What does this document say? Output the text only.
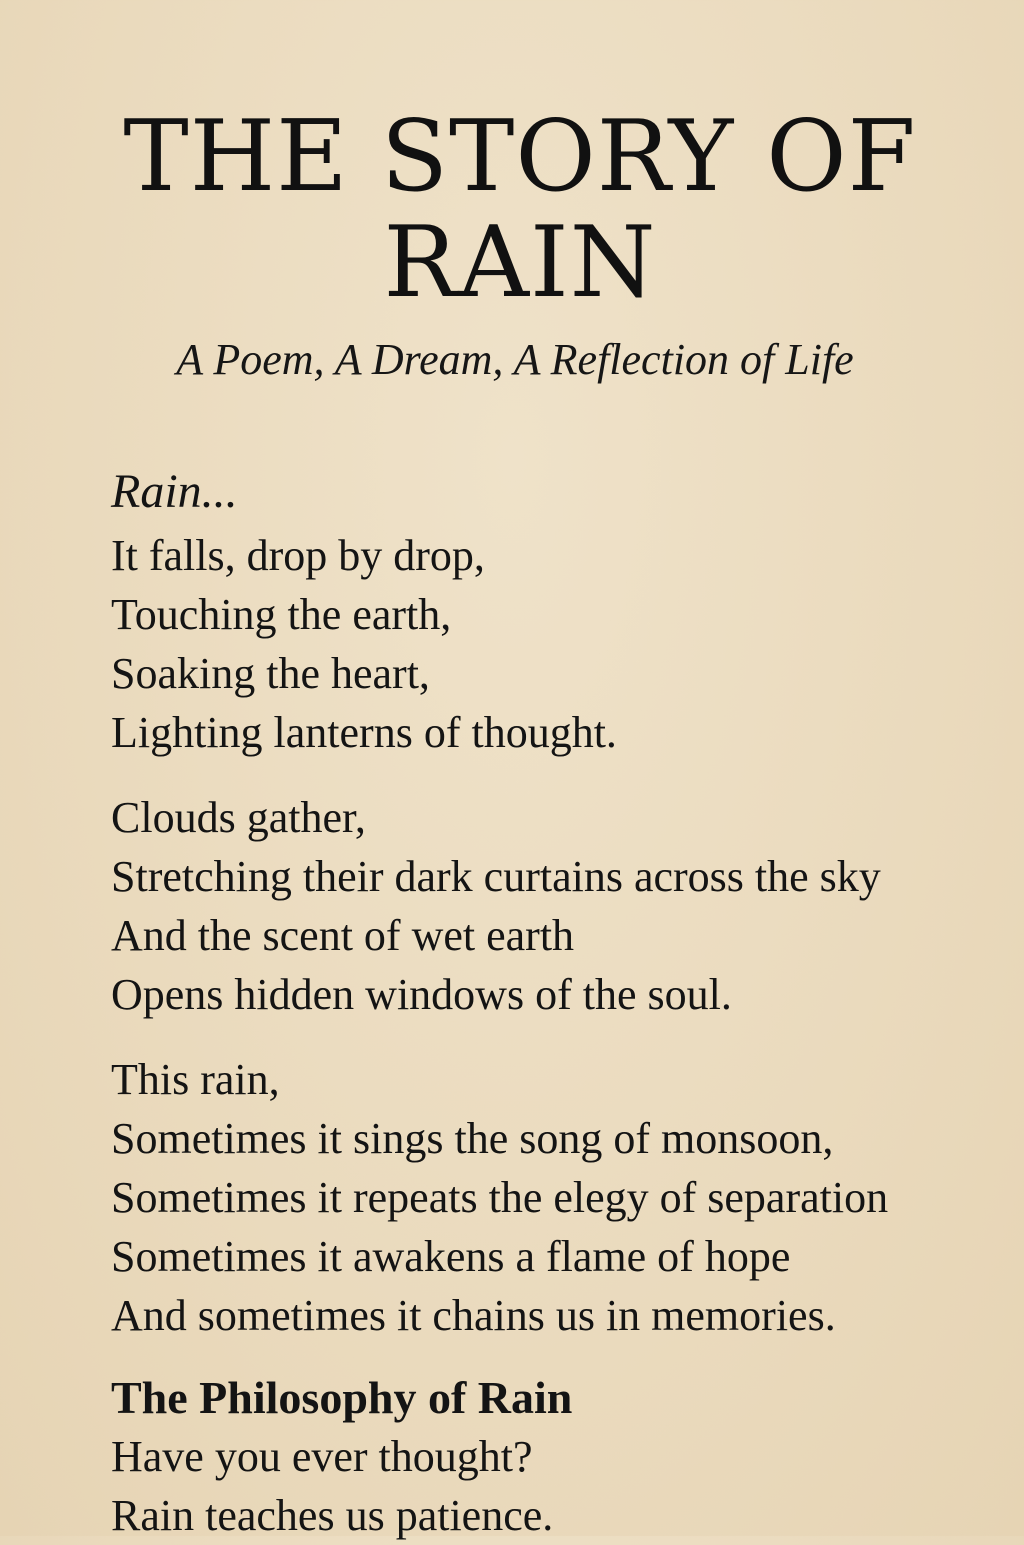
THE STORY OF
RAIN
A Poem, A Dream, A Reflection of Life
Rain...
It falls, drop by drop,
Touching the earth,
Soaking the heart,
Lighting lanterns of thought.
Clouds gather,
Stretching their dark curtains across the sky
And the scent of wet earth
Opens hidden windows of the soul.
This rain,
Sometimes it sings the song of monsoon,
Sometimes it repeats the elegy of separation
Sometimes it awakens a flame of hope
And sometimes it chains us in memories.
The Philosophy of Rain
Have you ever thought?
Rain teaches us patience.
